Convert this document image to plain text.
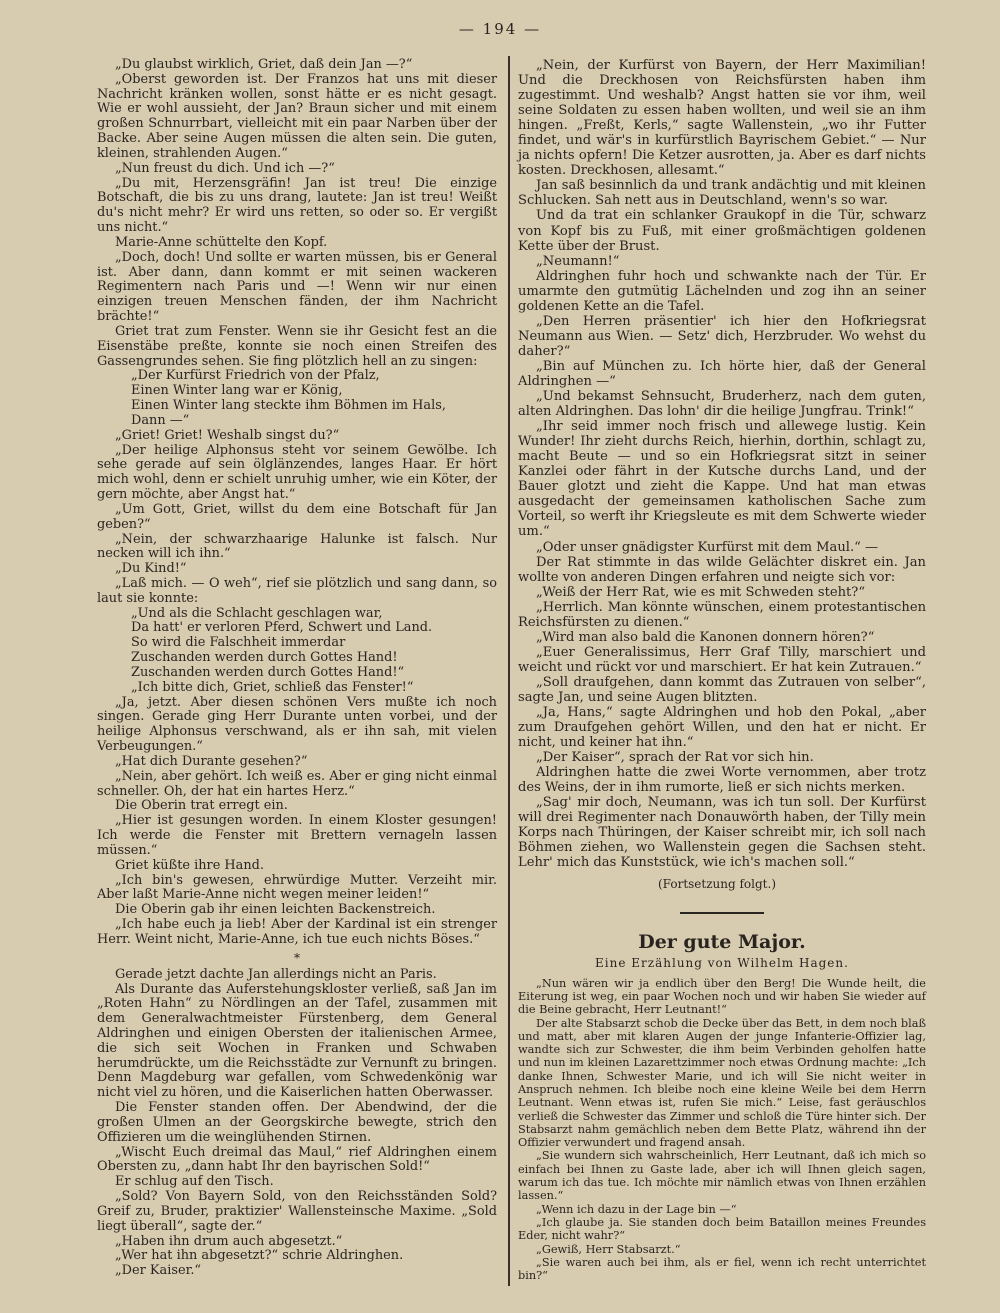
— 194 —

„Du glaubst wirklich, Griet, daß dein Jan —?“

„Oberst geworden ist. Der Franzos hat uns mit dieser Nachricht kränken wollen, sonst hätte er es nicht gesagt. Wie er wohl aussieht, der Jan? Braun sicher und mit einem großen Schnurrbart, vielleicht mit ein paar Narben über der Backe. Aber seine Augen müssen die alten sein. Die guten, kleinen, strahlenden Augen.“

„Nun freust du dich. Und ich —?“

„Du mit, Herzensgräfin! Jan ist treu! Die einzige Botschaft, die bis zu uns drang, lautete: Jan ist treu! Weißt du's nicht mehr? Er wird uns retten, so oder so. Er vergißt uns nicht.“

Marie-Anne schüttelte den Kopf.

„Doch, doch! Und sollte er warten müssen, bis er General ist. Aber dann, dann kommt er mit seinen wackeren Regimentern nach Paris und —! Wenn wir nur einen einzigen treuen Menschen fänden, der ihm Nachricht brächte!“

Griet trat zum Fenster. Wenn sie ihr Gesicht fest an die Eisenstäbe preßte, konnte sie noch einen Streifen des Gassengrundes sehen. Sie fing plötzlich hell an zu singen:

„Der Kurfürst Friedrich von der Pfalz,

Einen Winter lang war er König,

Einen Winter lang steckte ihm Böhmen im Hals,

Dann —“

„Griet! Griet! Weshalb singst du?“

„Der heilige Alphonsus steht vor seinem Gewölbe. Ich sehe gerade auf sein ölglänzendes, langes Haar. Er hört mich wohl, denn er schielt unruhig umher, wie ein Köter, der gern möchte, aber Angst hat.“

„Um Gott, Griet, willst du dem eine Botschaft für Jan geben?“

„Nein, der schwarzhaarige Halunke ist falsch. Nur necken will ich ihn.“

„Du Kind!“

„Laß mich. — O weh“, rief sie plötzlich und sang dann, so laut sie konnte:

„Und als die Schlacht geschlagen war,

Da hatt' er verloren Pferd, Schwert und Land.

So wird die Falschheit immerdar

Zuschanden werden durch Gottes Hand!

Zuschanden werden durch Gottes Hand!“

„Ich bitte dich, Griet, schließ das Fenster!“

„Ja, jetzt. Aber diesen schönen Vers mußte ich noch singen. Gerade ging Herr Durante unten vorbei, und der heilige Alphonsus verschwand, als er ihn sah, mit vielen Verbeugungen.“

„Hat dich Durante gesehen?“

„Nein, aber gehört. Ich weiß es. Aber er ging nicht einmal schneller. Oh, der hat ein hartes Herz.“

Die Oberin trat erregt ein.

„Hier ist gesungen worden. In einem Kloster gesungen! Ich werde die Fenster mit Brettern vernageln lassen müssen.“

Griet küßte ihre Hand.

„Ich bin's gewesen, ehrwürdige Mutter. Verzeiht mir. Aber laßt Marie-Anne nicht wegen meiner leiden!“

Die Oberin gab ihr einen leichten Backenstreich.

„Ich habe euch ja lieb! Aber der Kardinal ist ein strenger Herr. Weint nicht, Marie-Anne, ich tue euch nichts Böses.“

*

Gerade jetzt dachte Jan allerdings nicht an Paris.

Als Durante das Auferstehungskloster verließ, saß Jan im „Roten Hahn“ zu Nördlingen an der Tafel, zusammen mit dem Generalwachtmeister Fürstenberg, dem General Aldringhen und einigen Obersten der italienischen Armee, die sich seit Wochen in Franken und Schwaben herumdrückte, um die Reichsstädte zur Vernunft zu bringen. Denn Magdeburg war gefallen, vom Schwedenkönig war nicht viel zu hören, und die Kaiserlichen hatten Oberwasser.

Die Fenster standen offen. Der Abendwind, der die großen Ulmen an der Georgskirche bewegte, strich den Offizieren um die weinglühenden Stirnen.

„Wischt Euch dreimal das Maul,“ rief Aldringhen einem Obersten zu, „dann habt Ihr den bayrischen Sold!“

Er schlug auf den Tisch.

„Sold? Von Bayern Sold, von den Reichsständen Sold? Greif zu, Bruder, praktizier' Wallensteinsche Maxime. „Sold liegt überall“, sagte der.“

„Haben ihn drum auch abgesetzt.“

„Wer hat ihn abgesetzt?“ schrie Aldringhen.

„Der Kaiser.“

„Nein, der Kurfürst von Bayern, der Herr Maximilian! Und die Dreckhosen von Reichsfürsten haben ihm zugestimmt. Und weshalb? Angst hatten sie vor ihm, weil seine Soldaten zu essen haben wollten, und weil sie an ihm hingen. „Freßt, Kerls,“ sagte Wallenstein, „wo ihr Futter findet, und wär's in kurfürstlich Bayrischem Gebiet.“ — Nur ja nichts opfern! Die Ketzer ausrotten, ja. Aber es darf nichts kosten. Dreckhosen, allesamt.“

Jan saß besinnlich da und trank andächtig und mit kleinen Schlucken. Sah nett aus in Deutschland, wenn's so war.

Und da trat ein schlanker Graukopf in die Tür, schwarz von Kopf bis zu Fuß, mit einer großmächtigen goldenen Kette über der Brust.

„Neumann!“

Aldringhen fuhr hoch und schwankte nach der Tür. Er umarmte den gutmütig Lächelnden und zog ihn an seiner goldenen Kette an die Tafel.

„Den Herren präsentier' ich hier den Hofkriegsrat Neumann aus Wien. — Setz' dich, Herzbruder. Wo wehst du daher?“

„Bin auf München zu. Ich hörte hier, daß der General Aldringhen —“

„Und bekamst Sehnsucht, Bruderherz, nach dem guten, alten Aldringhen. Das lohn' dir die heilige Jungfrau. Trink!“

„Ihr seid immer noch frisch und allewege lustig. Kein Wunder! Ihr zieht durchs Reich, hierhin, dorthin, schlagt zu, macht Beute — und so ein Hofkriegsrat sitzt in seiner Kanzlei oder fährt in der Kutsche durchs Land, und der Bauer glotzt und zieht die Kappe. Und hat man etwas ausgedacht der gemeinsamen katholischen Sache zum Vorteil, so werft ihr Kriegsleute es mit dem Schwerte wieder um.“

„Oder unser gnädigster Kurfürst mit dem Maul.“ —

Der Rat stimmte in das wilde Gelächter diskret ein. Jan wollte von anderen Dingen erfahren und neigte sich vor:

„Weiß der Herr Rat, wie es mit Schweden steht?“

„Herrlich. Man könnte wünschen, einem protestantischen Reichsfürsten zu dienen.“

„Wird man also bald die Kanonen donnern hören?“

„Euer Generalissimus, Herr Graf Tilly, marschiert und weicht und rückt vor und marschiert. Er hat kein Zutrauen.“

„Soll draufgehen, dann kommt das Zutrauen von selber“, sagte Jan, und seine Augen blitzten.

„Ja, Hans,“ sagte Aldringhen und hob den Pokal, „aber zum Draufgehen gehört Willen, und den hat er nicht. Er nicht, und keiner hat ihn.“

„Der Kaiser“, sprach der Rat vor sich hin.

Aldringhen hatte die zwei Worte vernommen, aber trotz des Weins, der in ihm rumorte, ließ er sich nichts merken.

„Sag' mir doch, Neumann, was ich tun soll. Der Kurfürst will drei Regimenter nach Donauwörth haben, der Tilly mein Korps nach Thüringen, der Kaiser schreibt mir, ich soll nach Böhmen ziehen, wo Wallenstein gegen die Sachsen steht. Lehr' mich das Kunststück, wie ich's machen soll.“

(Fortsetzung folgt.)

Der gute Major.

Eine Erzählung von Wilhelm Hagen.

„Nun wären wir ja endlich über den Berg! Die Wunde heilt, die Eiterung ist weg, ein paar Wochen noch und wir haben Sie wieder auf die Beine gebracht, Herr Leutnant!“

Der alte Stabsarzt schob die Decke über das Bett, in dem noch blaß und matt, aber mit klaren Augen der junge Infanterie-Offizier lag, wandte sich zur Schwester, die ihm beim Verbinden geholfen hatte und nun im kleinen Lazarettzimmer noch etwas Ordnung machte: „Ich danke Ihnen, Schwester Marie, und ich will Sie nicht weiter in Anspruch nehmen. Ich bleibe noch eine kleine Weile bei dem Herrn Leutnant. Wenn etwas ist, rufen Sie mich.“ Leise, fast geräuschlos verließ die Schwester das Zimmer und schloß die Türe hinter sich. Der Stabsarzt nahm gemächlich neben dem Bette Platz, während ihn der Offizier verwundert und fragend ansah.

„Sie wundern sich wahrscheinlich, Herr Leutnant, daß ich mich so einfach bei Ihnen zu Gaste lade, aber ich will Ihnen gleich sagen, warum ich das tue. Ich möchte mir nämlich etwas von Ihnen erzählen lassen.“

„Wenn ich dazu in der Lage bin —“

„Ich glaube ja. Sie standen doch beim Bataillon meines Freundes Eder, nicht wahr?“

„Gewiß, Herr Stabsarzt.“

„Sie waren auch bei ihm, als er fiel, wenn ich recht unterrichtet bin?“
